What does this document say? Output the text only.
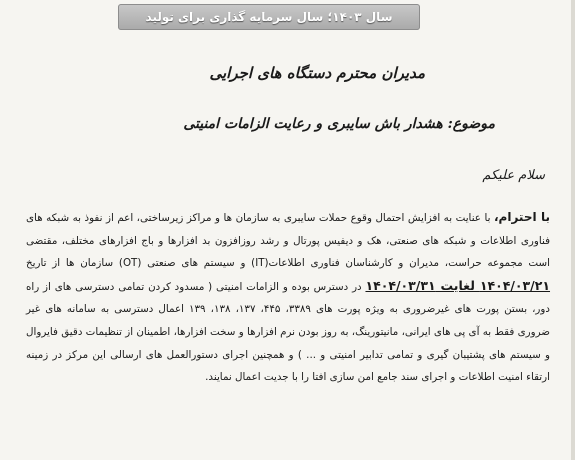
سال ۱۴۰۳؛ سال سرمایه گذاری برای تولید
مدیران محترم دستگاه های اجرایی
موضوع: هشدار باش سایبری و رعایت الزامات امنیتی
سلام علیکم
با احترام، با عنایت به افزایش احتمال وقوع حملات سایبری به سازمان ها و مراکز زیرساختی، اعم از نفوذ به شبکه های فناوری اطلاعات و شبکه های صنعتی، هک و دیفیس پورتال و رشد روزافزون بد افزارها و باج افزارهای مختلف، مقتضی است مجموعه حراست، مدیران و کارشناسان فناوری اطلاعات(IT) و سیستم های صنعتی (OT) سازمان ها از تاریخ ۱۴۰۴/۰۳/۲۱ لغایت ۱۴۰۴/۰۳/۳۱ در دسترس بوده و الزامات امنیتی ( مسدود کردن تمامی دسترسی های از راه دور، بستن پورت های غیرضروری به ویژه پورت های ۳۳۸۹، ۴۴۵، ۱۳۷، ۱۳۸، ۱۳۹ اعمال دسترسی به سامانه های غیر ضروری فقط به آی پی های ایرانی، مانیتورینگ، به روز بودن نرم افزارها و سخت افزارها، اطمینان از تنظیمات دقیق فایروال و سیستم های پشتیبان گیری و تمامی تدابیر امنیتی و ... ) و همچنین اجرای دستورالعمل های ارسالی این مرکز در زمینه ارتقاء امنیت اطلاعات و اجرای سند جامع امن سازی افتا را با جدیت اعمال نمایند.
